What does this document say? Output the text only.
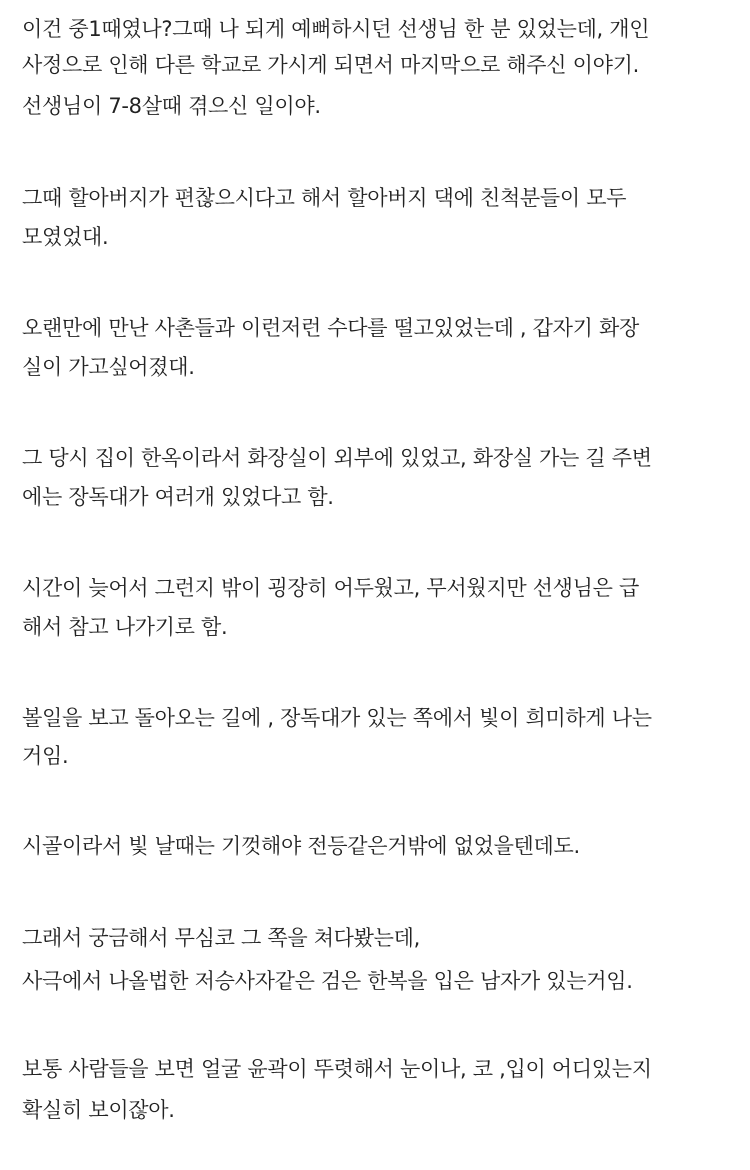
이건 중1때였나?그때 나 되게 예뻐하시던 선생님 한 분 있었는데, 개인
사정으로 인해 다른 학교로 가시게 되면서 마지막으로 해주신 이야기.
선생님이 7-8살때 겪으신 일이야.
그때 할아버지가 편찮으시다고 해서 할아버지 댁에 친척분들이 모두
모였었대.
오랜만에 만난 사촌들과 이런저런 수다를 떨고있었는데 , 갑자기 화장
실이 가고싶어졌대.
그 당시 집이 한옥이라서 화장실이 외부에 있었고, 화장실 가는 길 주변
에는 장독대가 여러개 있었다고 함.
시간이 늦어서 그런지 밖이 굉장히 어두웠고, 무서웠지만 선생님은 급
해서 참고 나가기로 함.
볼일을 보고 돌아오는 길에 , 장독대가 있는 쪽에서 빛이 희미하게 나는
거임.
시골이라서 빛 날때는 기껏해야 전등같은거밖에 없었을텐데도.
그래서 궁금해서 무심코 그 쪽을 쳐다봤는데,
사극에서 나올법한 저승사자같은 검은 한복을 입은 남자가 있는거임.
보통 사람들을 보면 얼굴 윤곽이 뚜렷해서 눈이나, 코 ,입이 어디있는지
확실히 보이잖아.
